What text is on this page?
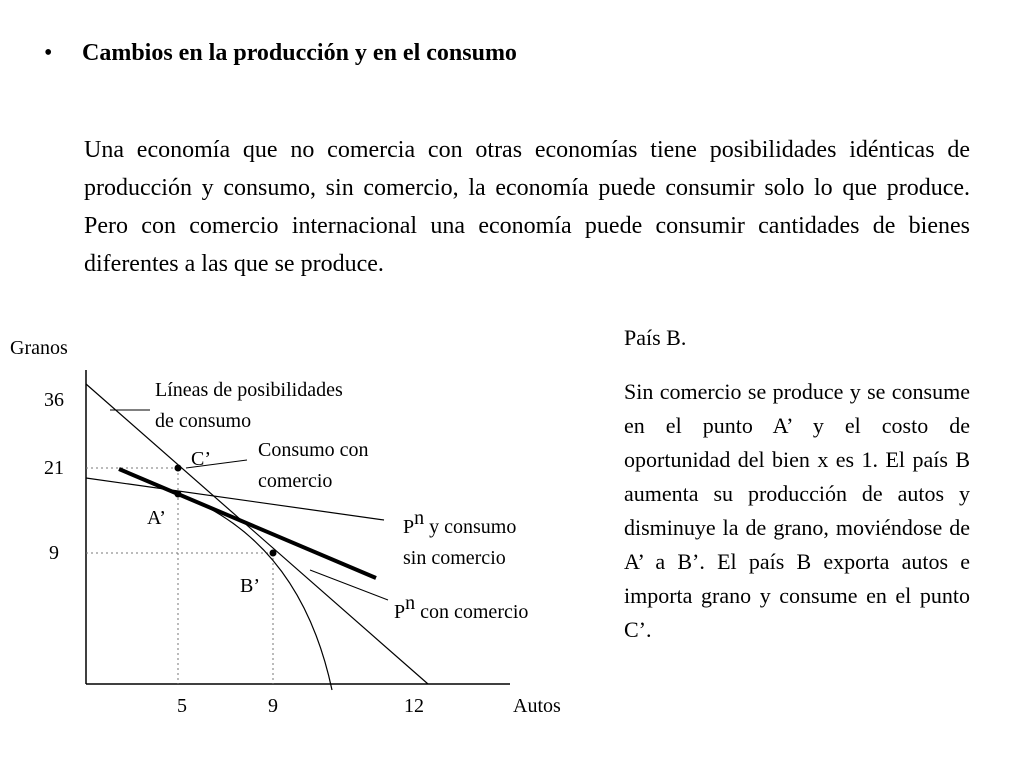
• Cambios en la producción y en el consumo

Una economía que no comercia con otras economías tiene posibilidades idénticas de producción y consumo, sin comercio, la economía puede consumir solo lo que produce. Pero con comercio internacional una economía puede consumir cantidades de bienes diferentes a las que se produce.

Granos
Autos
36
21
9
5	9	12
C’
A’
B’
Líneas de posibilidades
de consumo
Consumo con
comercio
Pn y consumo
sin comercio
Pn con comercio

País B.

Sin comercio se produce y se consume en el punto A’ y el costo de oportunidad del bien x es 1. El país B aumenta su producción de autos y disminuye la de grano, moviéndose de A’ a B’. El país B exporta autos e importa grano y consume en el punto C’.
